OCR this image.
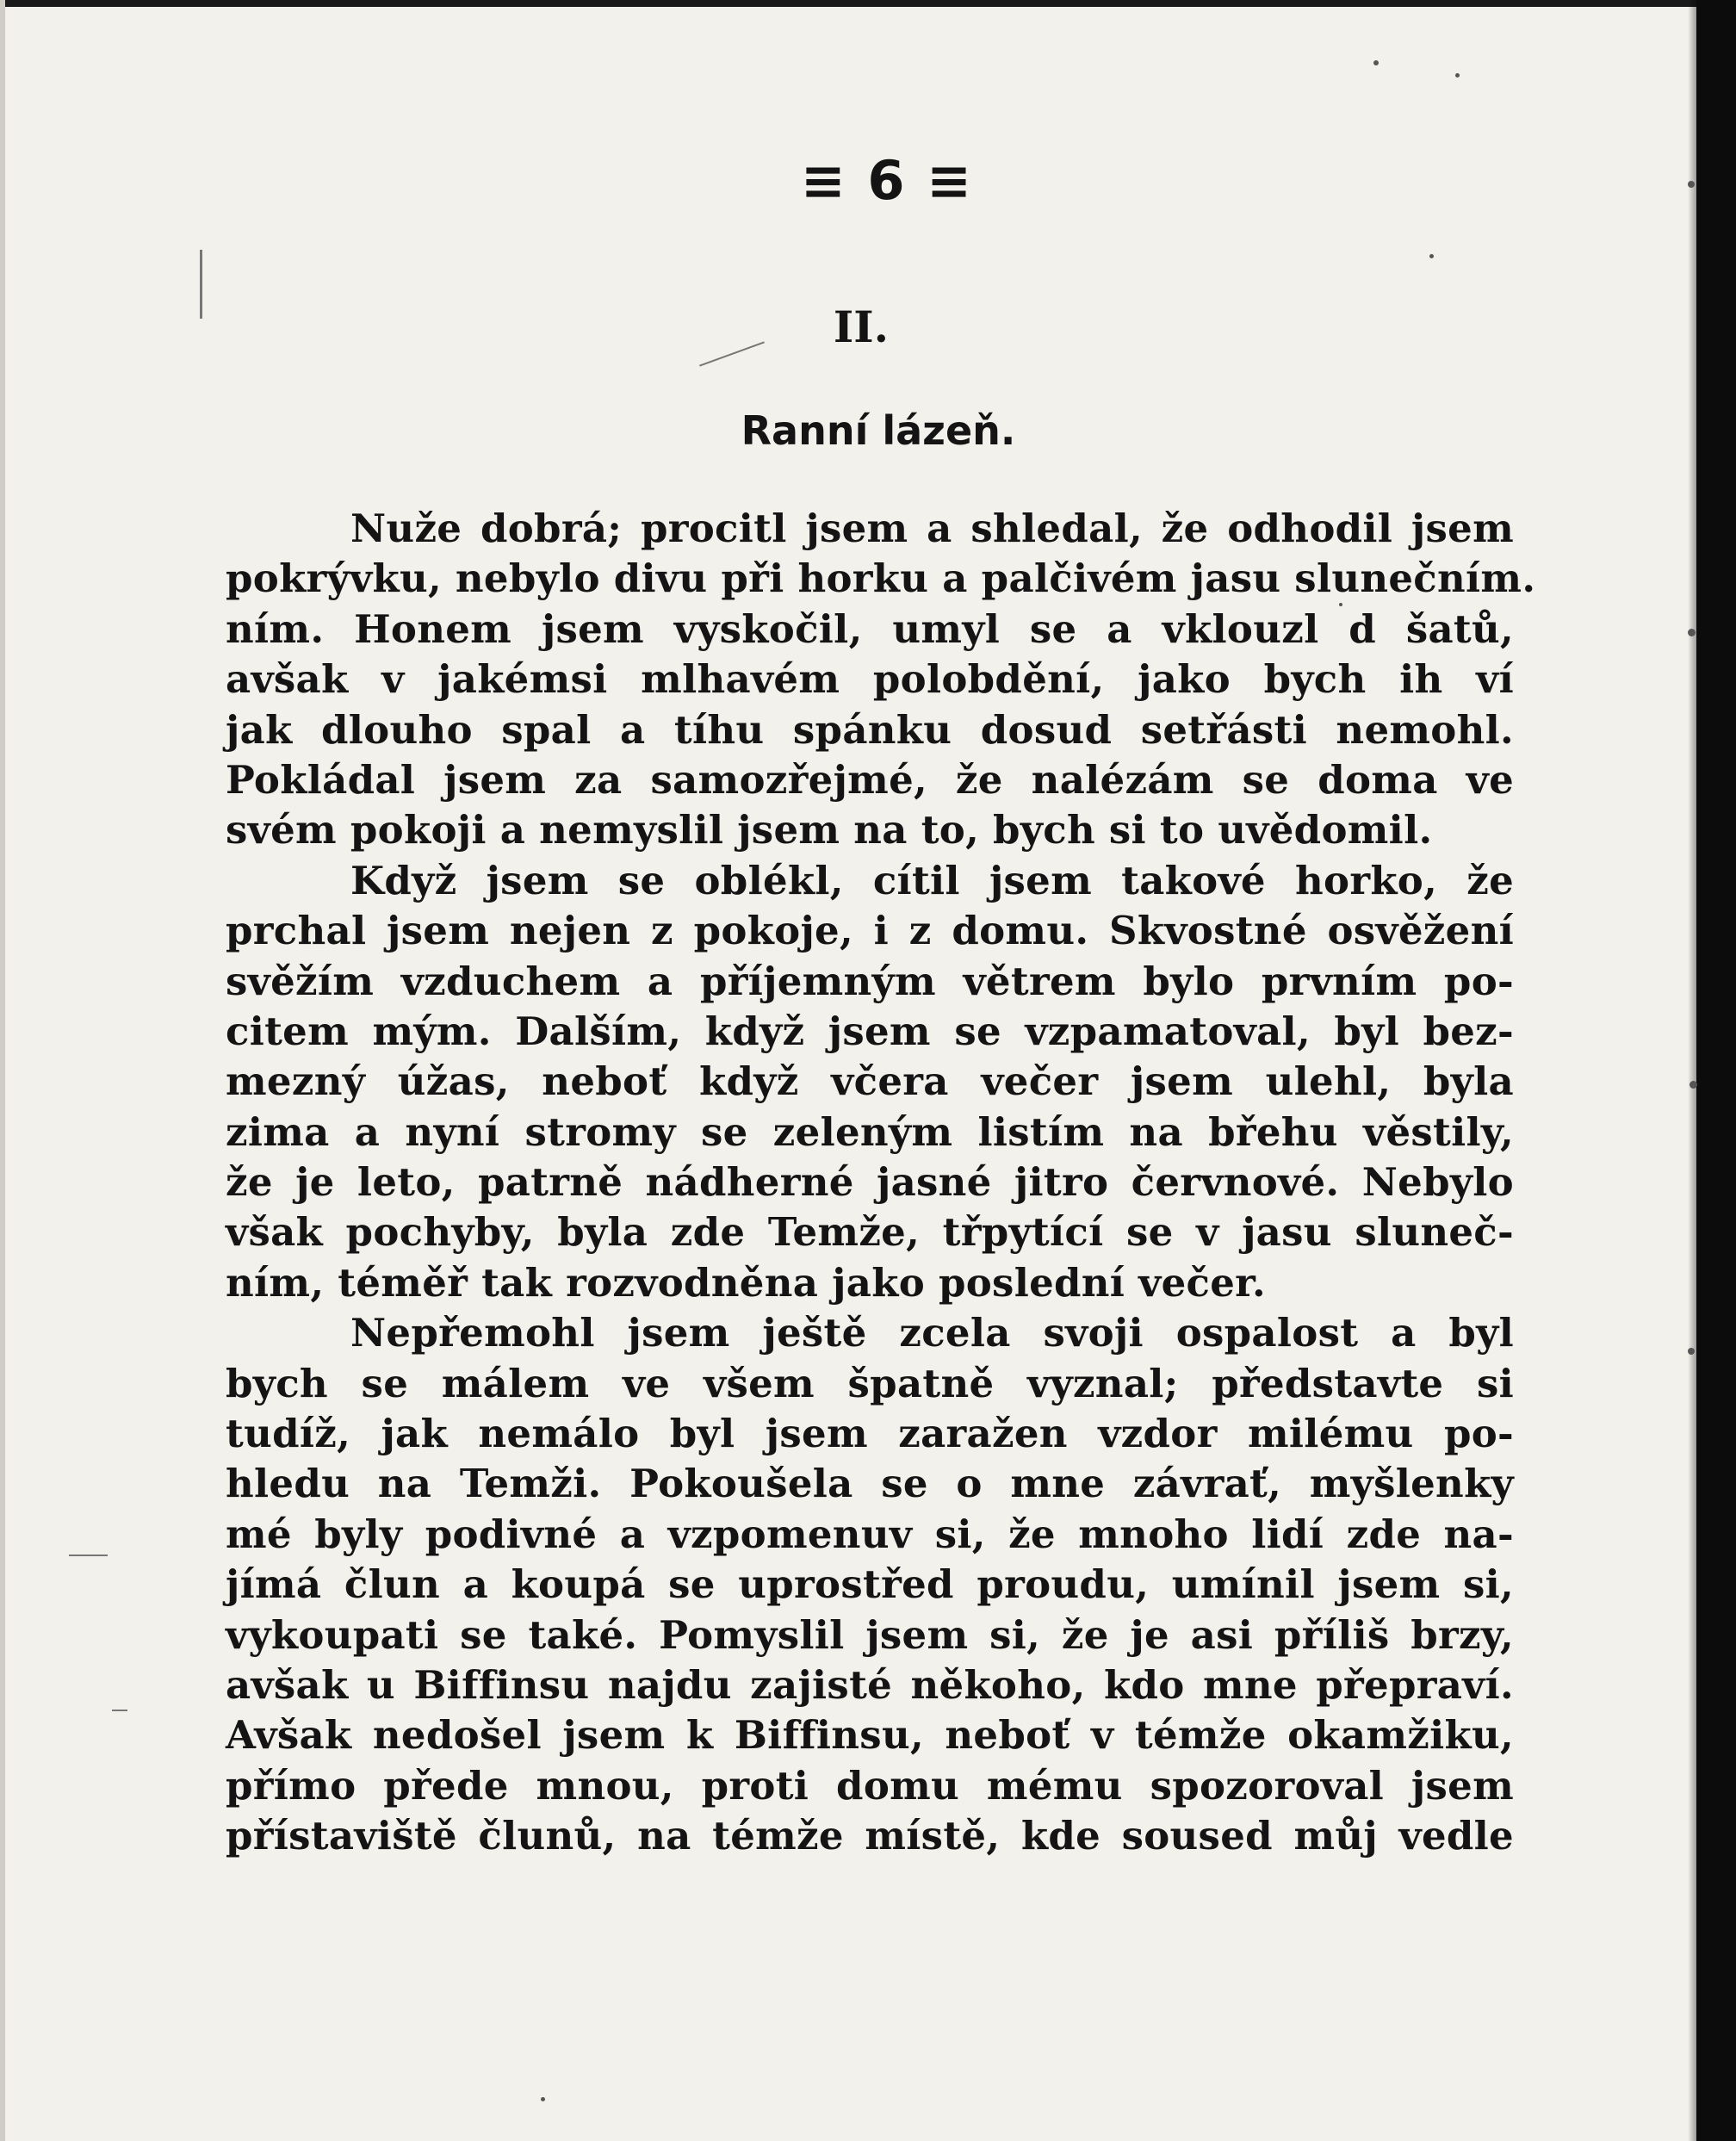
≡ 6 ≡
II.
Ranní lázeň.
Nuže dobrá; procitl jsem a shledal, že odhodil jsem
pokrývku, nebylo divu při horku a palčivém jasu slunečním.
ním. Honem jsem vyskočil, umyl se a vklouzl d šatů,
avšak v jakémsi mlhavém polobdění, jako bych ih ví
jak dlouho spal a tíhu spánku dosud setřásti nemohl.
Pokládal jsem za samozřejmé, že nalézám se doma ve
svém pokoji a nemyslil jsem na to, bych si to uvědomil.
Když jsem se oblékl, cítil jsem takové horko, že
prchal jsem nejen z pokoje, i z domu. Skvostné osvěžení
svěžím vzduchem a příjemným větrem bylo prvním po-
citem mým. Dalším, když jsem se vzpamatoval, byl bez-
mezný úžas, neboť když včera večer jsem ulehl, byla
zima a nyní stromy se zeleným listím na břehu věstily,
že je leto, patrně nádherné jasné jitro červnové. Nebylo
však pochyby, byla zde Temže, třpytící se v jasu sluneč-
ním, téměř tak rozvodněna jako poslední večer.
Nepřemohl jsem ještě zcela svoji ospalost a byl
bych se málem ve všem špatně vyznal; představte si
tudíž, jak nemálo byl jsem zaražen vzdor milému po-
hledu na Temži. Pokoušela se o mne závrať, myšlenky
mé byly podivné a vzpomenuv si, že mnoho lidí zde na-
jímá člun a koupá se uprostřed proudu, umínil jsem si,
vykoupati se také. Pomyslil jsem si, že je asi příliš brzy,
avšak u Biffinsu najdu zajisté někoho, kdo mne přepraví.
Avšak nedošel jsem k Biffinsu, neboť v témže okamžiku,
přímo přede mnou, proti domu mému spozoroval jsem
přístaviště člunů, na témže místě, kde soused můj vedle
